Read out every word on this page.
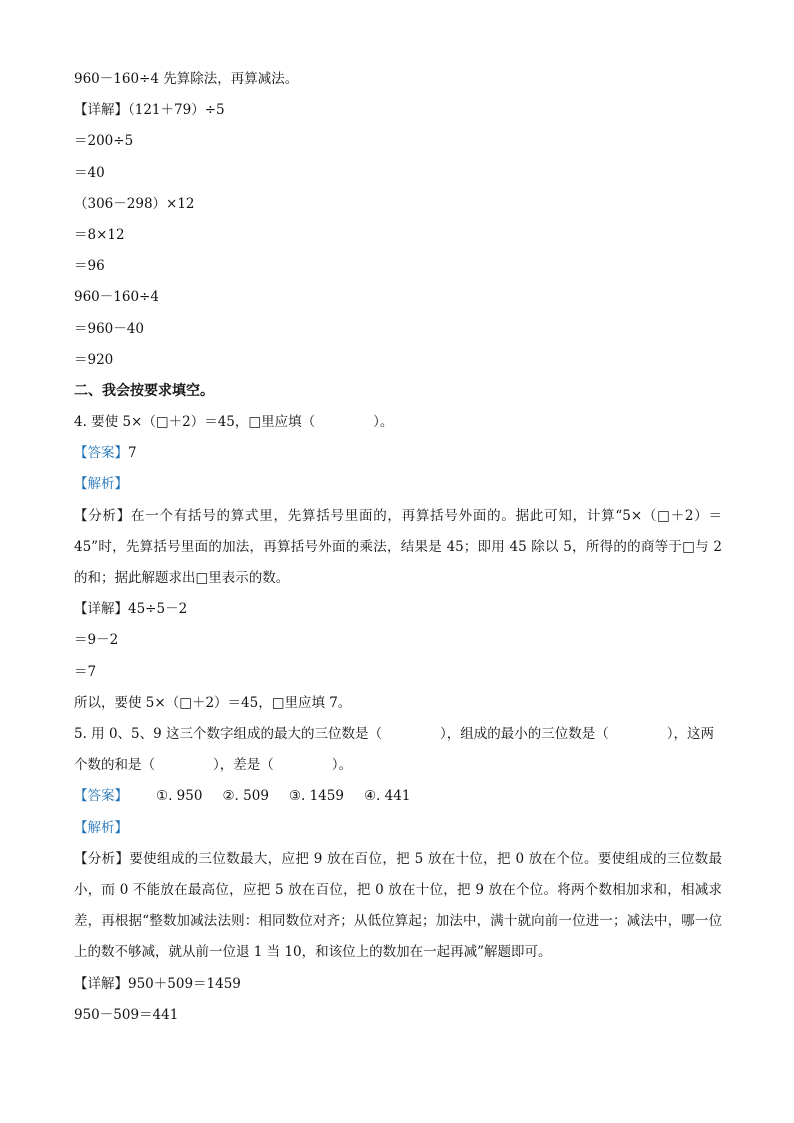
960－160÷4 先算除法，再算减法。
【详解】（121＋79）÷5
＝200÷5
＝40
（306－298）×12
＝8×12
＝96
960－160÷4
＝960－40
＝920
二、我会按要求填空。
4. 要使 5×（□＋2）＝45，□里应填（	）。
【答案】7
【解析】
【分析】在一个有括号的算式里，先算括号里面的，再算括号外面的。据此可知，计算“5×（□＋2）＝45”时，先算括号里面的加法，再算括号外面的乘法，结果是 45；即用 45 除以 5，所得的的商等于□与 2 的和；据此解题求出□里表示的数。
【详解】45÷5－2
＝9－2
＝7
所以，要使 5×（□＋2）＝45，□里应填 7。
5. 用 0、5、9 这三个数字组成的最大的三位数是（	），组成的最小的三位数是（	），这两
个数的和是（	），差是（	）。
【答案】 ①. 950 ②. 509 ③. 1459 ④. 441
【解析】
【分析】要使组成的三位数最大，应把 9 放在百位，把 5 放在十位，把 0 放在个位。要使组成的三位数最小，而 0 不能放在最高位，应把 5 放在百位，把 0 放在十位，把 9 放在个位。将两个数相加求和，相减求差，再根据“整数加减法法则：相同数位对齐；从低位算起；加法中，满十就向前一位进一；减法中，哪一位上的数不够减，就从前一位退 1 当 10，和该位上的数加在一起再减”解题即可。
【详解】950＋509＝1459
950－509＝441
